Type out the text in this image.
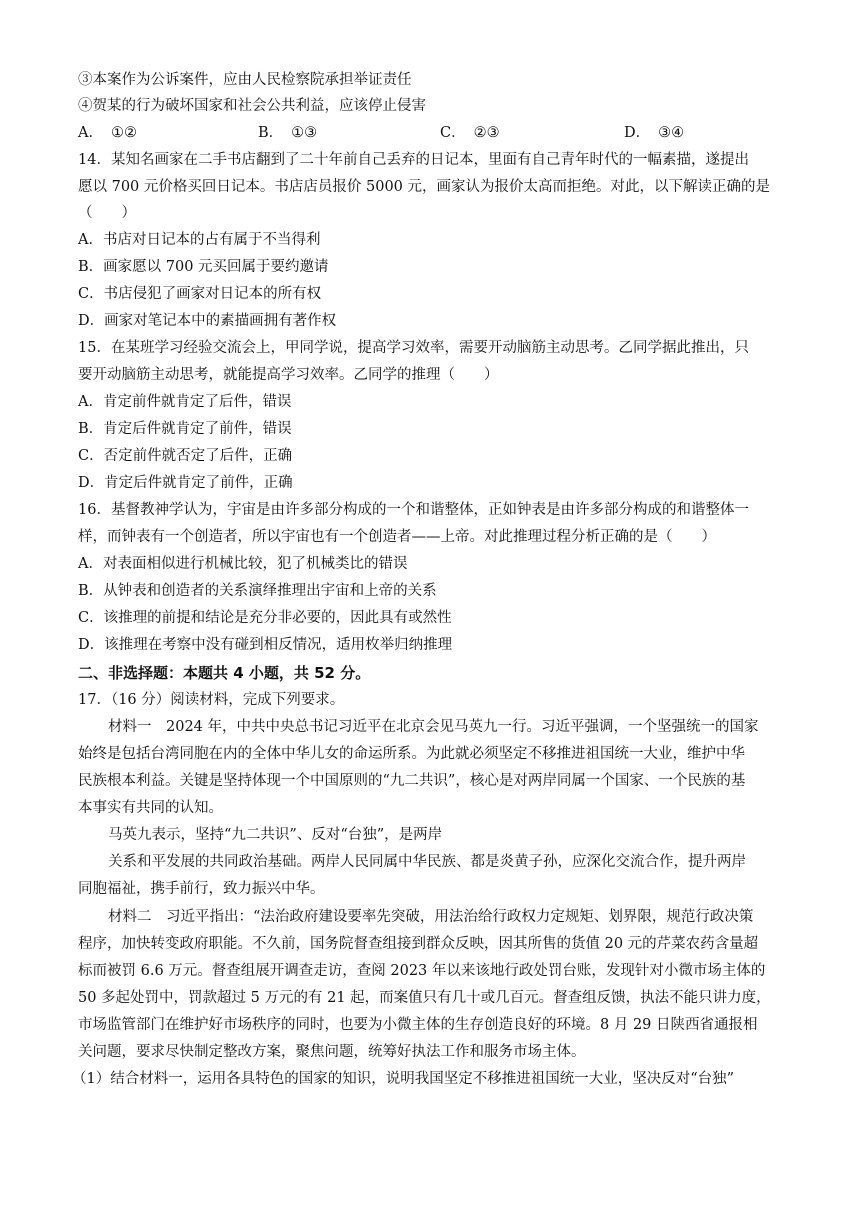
③本案作为公诉案件，应由人民检察院承担举证责任
④贺某的行为破坏国家和社会公共利益，应该停止侵害
A． ①②	B． ①③	C． ②③	D． ③④
14．某知名画家在二手书店翻到了二十年前自己丢弃的日记本，里面有自己青年时代的一幅素描，遂提出
愿以 700 元价格买回日记本。书店店员报价 5000 元，画家认为报价太高而拒绝。对此，以下解读正确的是
（　　）
A．书店对日记本的占有属于不当得利
B．画家愿以 700 元买回属于要约邀请
C．书店侵犯了画家对日记本的所有权
D．画家对笔记本中的素描画拥有著作权
15．在某班学习经验交流会上，甲同学说，提高学习效率，需要开动脑筋主动思考。乙同学据此推出，只
要开动脑筋主动思考，就能提高学习效率。乙同学的推理（　　）
A．肯定前件就肯定了后件，错误
B．肯定后件就肯定了前件，错误
C．否定前件就否定了后件，正确
D．肯定后件就肯定了前件，正确
16．基督教神学认为，宇宙是由许多部分构成的一个和谐整体，正如钟表是由许多部分构成的和谐整体一
样，而钟表有一个创造者，所以宇宙也有一个创造者——上帝。对此推理过程分析正确的是（　　）
A．对表面相似进行机械比较，犯了机械类比的错误
B．从钟表和创造者的关系演绎推理出宇宙和上帝的关系
C．该推理的前提和结论是充分非必要的，因此具有或然性
D．该推理在考察中没有碰到相反情况，适用枚举归纳推理
二、非选择题：本题共 4 小题，共 52 分。
17．（16 分）阅读材料，完成下列要求。
材料一　2024 年，中共中央总书记习近平在北京会见马英九一行。习近平强调，一个坚强统一的国家
始终是包括台湾同胞在内的全体中华儿女的命运所系。为此就必须坚定不移推进祖国统一大业，维护中华
民族根本利益。关键是坚持体现一个中国原则的“九二共识”，核心是对两岸同属一个国家、一个民族的基
本事实有共同的认知。
马英九表示，坚持“九二共识”、反对“台独”，是两岸
关系和平发展的共同政治基础。两岸人民同属中华民族、都是炎黄子孙，应深化交流合作，提升两岸
同胞福祉，携手前行，致力振兴中华。
材料二　习近平指出：“法治政府建设要率先突破，用法治给行政权力定规矩、划界限，规范行政决策
程序，加快转变政府职能。不久前，国务院督查组接到群众反映，因其所售的货值 20 元的芹菜农药含量超
标而被罚 6.6 万元。督查组展开调查走访，查阅 2023 年以来该地行政处罚台账，发现针对小微市场主体的
50 多起处罚中，罚款超过 5 万元的有 21 起，而案值只有几十或几百元。督查组反馈，执法不能只讲力度，
市场监管部门在维护好市场秩序的同时，也要为小微主体的生存创造良好的环境。8 月 29 日陕西省通报相
关问题，要求尽快制定整改方案，聚焦问题，统筹好执法工作和服务市场主体。
（1）结合材料一，运用各具特色的国家的知识，说明我国坚定不移推进祖国统一大业，坚决反对“台独”
